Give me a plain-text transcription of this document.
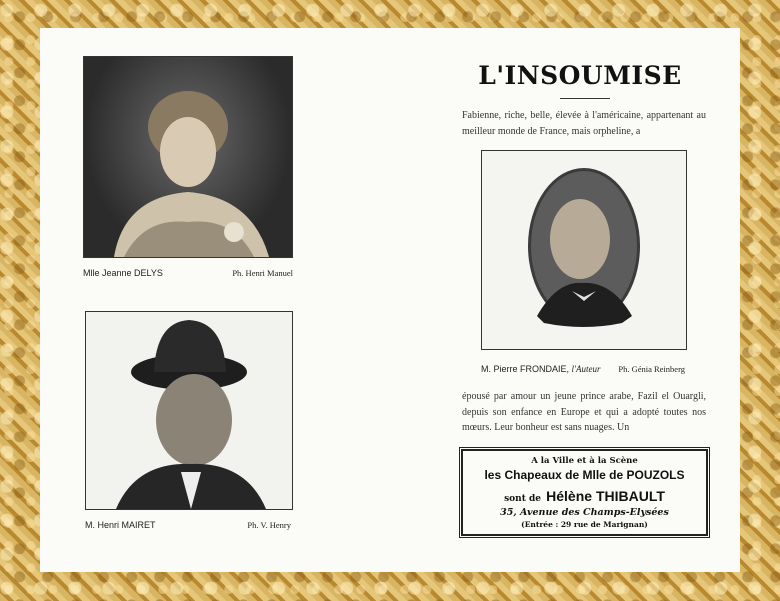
Mlle Jeanne DELYS	Ph. Henri Manuel
M. Henri MAIRET	Ph. V. Henry
L'INSOUMISE
Fabienne, riche, belle, élevée à l'américaine, appartenant au meilleur monde de France, mais orpheline, a
M. Pierre FRONDAIE, l'Auteur Ph. Génia Reinberg
épousé par amour un jeune prince arabe, Fazil el Ouargli, depuis son enfance en Europe et qui a adopté toutes nos mœurs. Leur bonheur est sans nuages. Un
A la Ville et à la Scène
les Chapeaux de Mlle de POUZOLS
sont de Hélène THIBAULT
35, Avenue des Champs-Elysées
(Entrée : 29 rue de Marignan)
